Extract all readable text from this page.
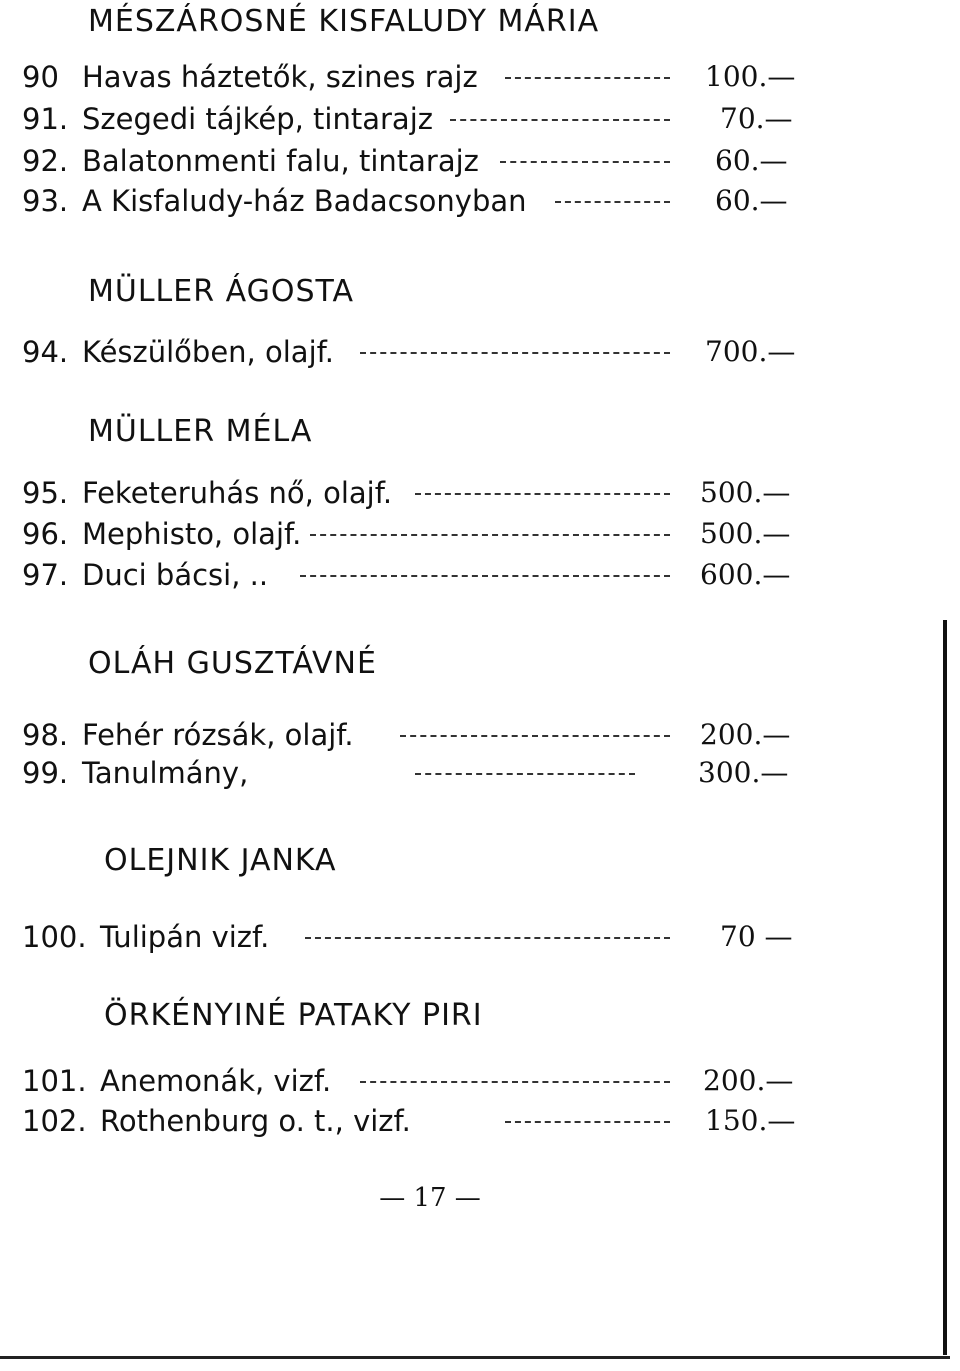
MÉSZÁROSNÉ KISFALUDY MÁRIA
90 Havas háztetők, szines rajz	100.—
91. Szegedi tájkép, tintarajz	70.—
92. Balatonmenti falu, tintarajz	60.—
93. A Kisfaludy-ház Badacsonyban	60.—
MÜLLER ÁGOSTA
94. Készülőben, olajf.	700.—
MÜLLER MÉLA
95. Feketeruhás nő, olajf.	500.—
96. Mephisto, olajf.	500.—
97. Duci bácsi, ..	600.—
OLÁH GUSZTÁVNÉ
98. Fehér rózsák, olajf.	200.—
99. Tanulmány,	300.—
OLEJNIK JANKA
100. Tulipán vizf.	70 —
ÖRKÉNYINÉ PATAKY PIRI
101. Anemonák, vizf.	200.—
102. Rothenburg o. t., vizf.	150.—
— 17 —
